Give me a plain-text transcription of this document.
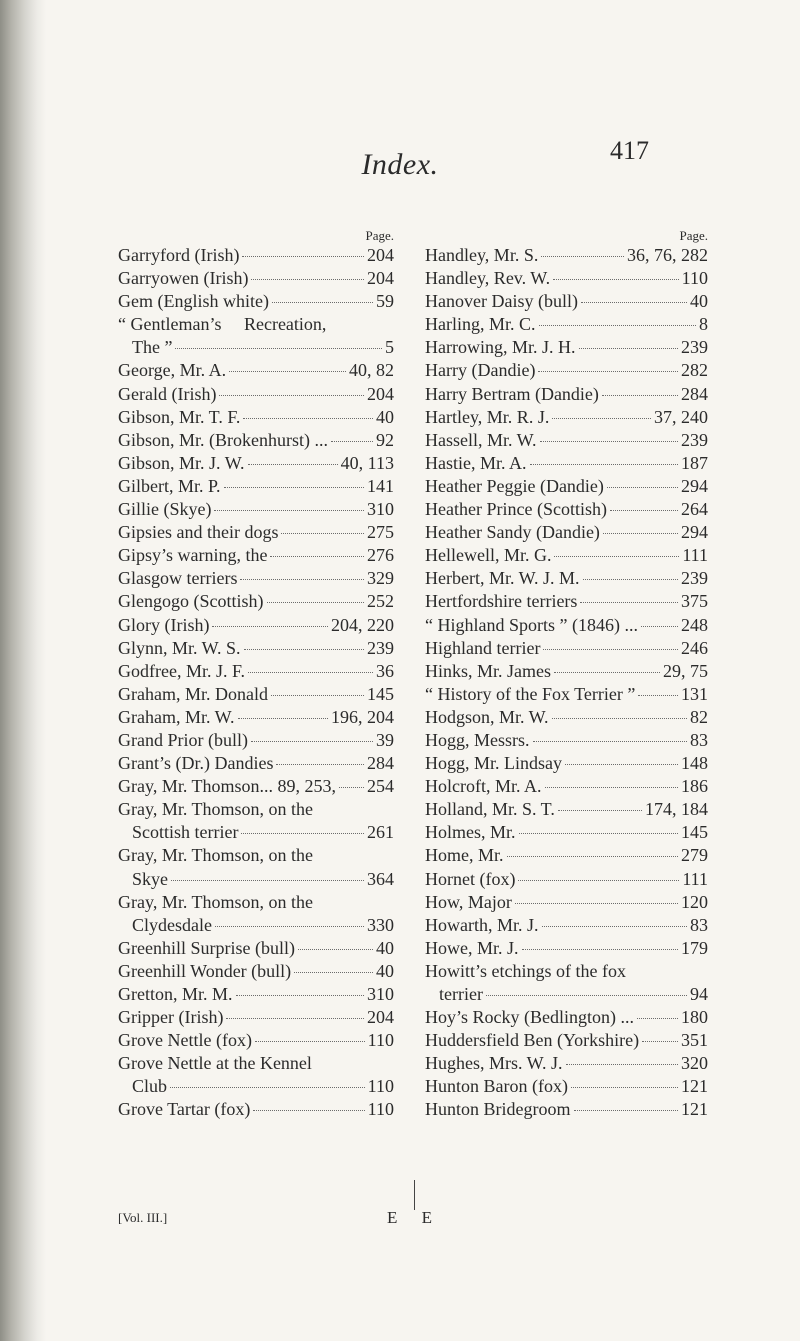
Index.	417
Page.
Garryford (Irish)	204
Garryowen (Irish)	204
Gem (English white)	59
“ Gentleman’s     Recreation,
The ”	5
George, Mr. A.	40, 82
Gerald (Irish)	204
Gibson, Mr. T. F.	40
Gibson, Mr. (Brokenhurst) ...	92
Gibson, Mr. J. W.	40, 113
Gilbert, Mr. P.	141
Gillie (Skye)	310
Gipsies and their dogs	275
Gipsy’s warning, the	276
Glasgow terriers	329
Glengogo (Scottish)	252
Glory (Irish)	204, 220
Glynn, Mr. W. S.	239
Godfree, Mr. J. F.	36
Graham, Mr. Donald	145
Graham, Mr. W.	196, 204
Grand Prior (bull)	39
Grant’s (Dr.) Dandies	284
Gray, Mr. Thomson... 89, 253, 254
Gray, Mr. Thomson, on the
Scottish terrier	261
Gray, Mr. Thomson, on the
Skye	364
Gray, Mr. Thomson, on the
Clydesdale	330
Greenhill Surprise (bull)	40
Greenhill Wonder (bull)	40
Gretton, Mr. M.	310
Gripper (Irish)	204
Grove Nettle (fox)	110
Grove Nettle at the Kennel
Club	110
Grove Tartar (fox)	110
Page.
Handley, Mr. S.	36, 76, 282
Handley, Rev. W.	110
Hanover Daisy (bull)	40
Harling, Mr. C.	8
Harrowing, Mr. J. H.	239
Harry (Dandie)	282
Harry Bertram (Dandie)	284
Hartley, Mr. R. J.	37, 240
Hassell, Mr. W.	239
Hastie, Mr. A.	187
Heather Peggie (Dandie)	294
Heather Prince (Scottish)	264
Heather Sandy (Dandie)	294
Hellewell, Mr. G.	111
Herbert, Mr. W. J. M.	239
Hertfordshire terriers	375
“ Highland Sports ” (1846) ... 248
Highland terrier	246
Hinks, Mr. James	29, 75
“ History of the Fox Terrier ”	131
Hodgson, Mr. W.	82
Hogg, Messrs.	83
Hogg, Mr. Lindsay	148
Holcroft, Mr. A.	186
Holland, Mr. S. T.	174, 184
Holmes, Mr.	145
Home, Mr.	279
Hornet (fox)	111
How, Major	120
Howarth, Mr. J.	83
Howe, Mr. J.	179
Howitt’s etchings of the fox
terrier	94
Hoy’s Rocky (Bedlington) ...	180
Huddersfield Ben (Yorkshire) 351
Hughes, Mrs. W. J.	320
Hunton Baron (fox)	121
Hunton Bridegroom	121
[Vol. III.]	E E
